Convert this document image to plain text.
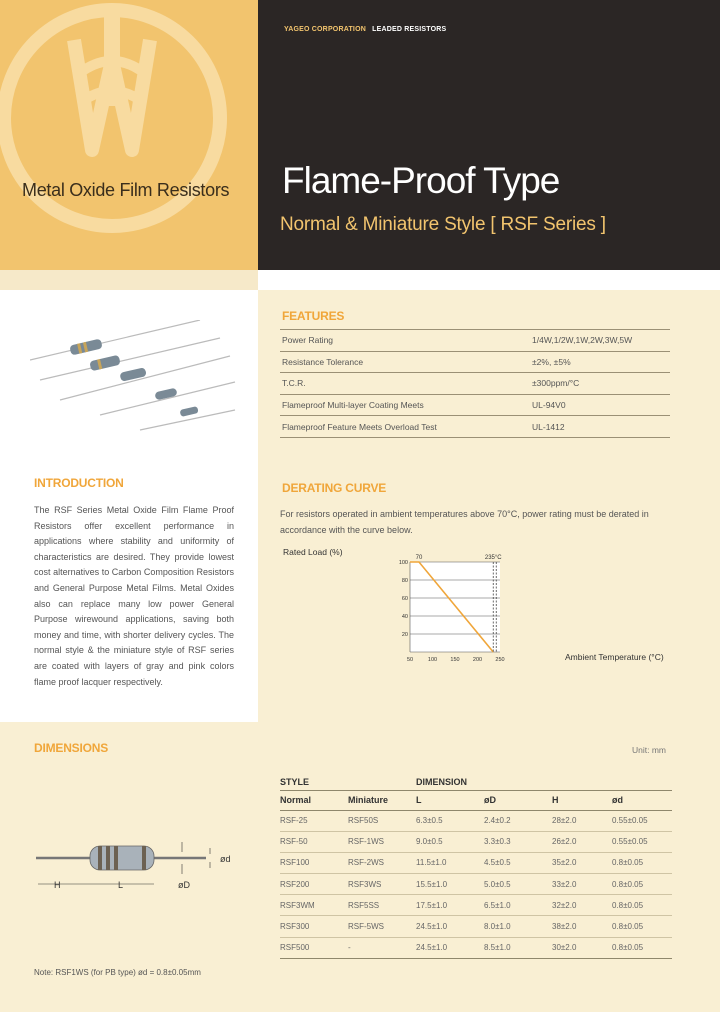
Metal Oxide Film Resistors
YAGEO CORPORATION LEADED RESISTORS
Flame-Proof Type
Normal & Miniature Style [ RSF Series ]
FEATURES
Power Rating	1/4W,1/2W,1W,2W,3W,5W
Resistance Tolerance	±2%, ±5%
T.C.R.	±300ppm/°C
Flameproof Multi-layer Coating Meets	UL-94V0
Flameproof Feature Meets Overload Test	UL-1412
INTRODUCTION
The RSF Series Metal Oxide Film Flame Proof Resistors offer excellent performance in applications where stability and uniformity of characteristics are desired. They provide lowest cost alternatives to Carbon Composition Resistors and General Purpose Metal Films. Metal Oxides also can replace many low power General Purpose wirewound applications, saving both money and time, with shorter delivery cycles. The normal style & the miniature style of RSF series are coated with layers of gray and pink colors flame proof lacquer respectively.
DERATING CURVE
For resistors operated in ambient temperatures above 70°C, power rating must be derated in accordance with the curve below.
Rated Load (%)
Ambient Temperature (°C)
100
80
60
40
20
50	100 150 200 250
70	235°C
DIMENSIONS	Unit: mm
ød
H	L	øD
STYLE		DIMENSION			
Normal	Miniature	L	øD	H	ød
RSF-25	RSF50S	6.3±0.5	2.4±0.2	28±2.0	0.55±0.05
RSF-50	RSF-1WS	9.0±0.5	3.3±0.3	26±2.0	0.55±0.05
RSF100	RSF-2WS	11.5±1.0	4.5±0.5	35±2.0	0.8±0.05
RSF200	RSF3WS	15.5±1.0	5.0±0.5	33±2.0	0.8±0.05
RSF3WM	RSF5SS	17.5±1.0	6.5±1.0	32±2.0	0.8±0.05
RSF300	RSF-5WS	24.5±1.0	8.0±1.0	38±2.0	0.8±0.05
RSF500	-	24.5±1.0	8.5±1.0	30±2.0	0.8±0.05
Note: RSF1WS (for PB type) ød = 0.8±0.05mm
